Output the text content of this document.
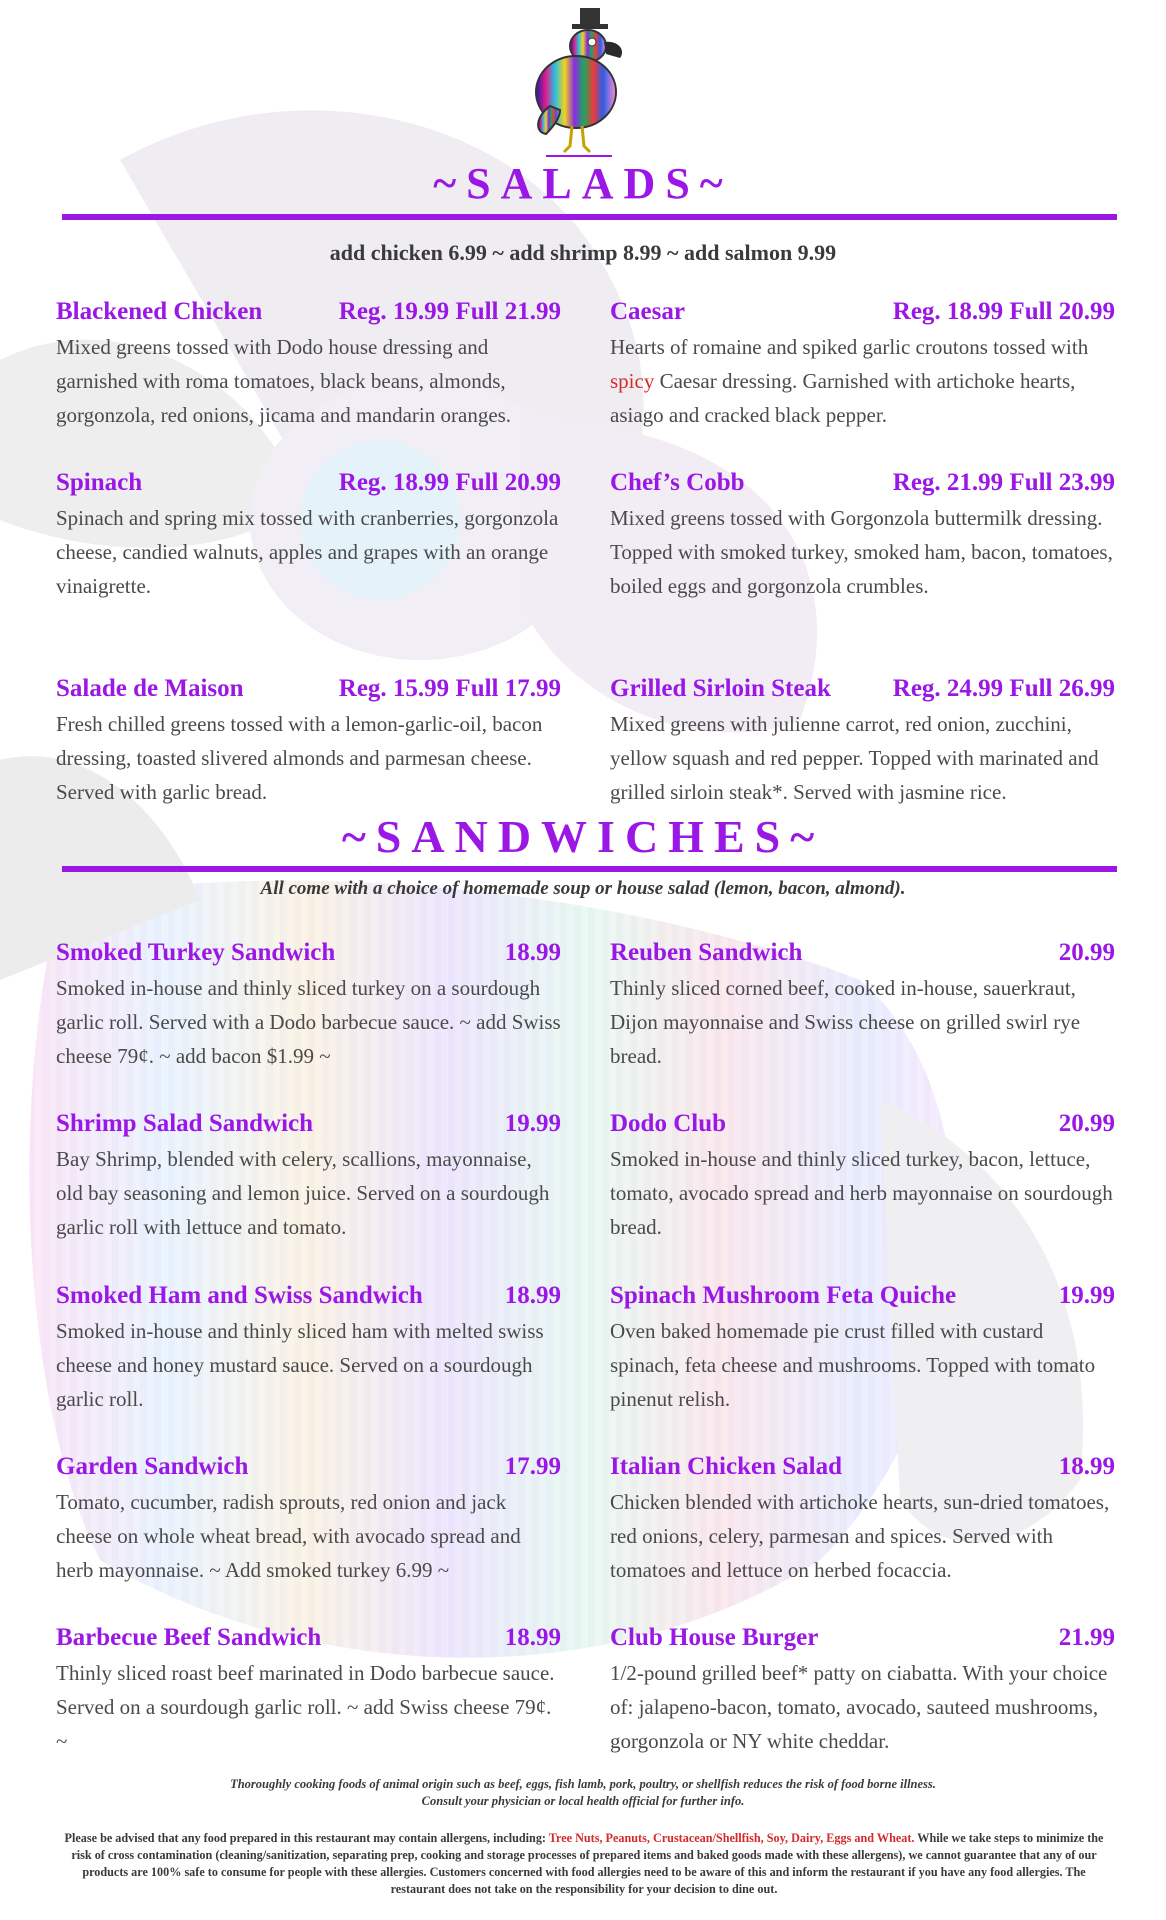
~SALADS~
add chicken 6.99 ~ add shrimp 8.99 ~ add salmon 9.99
Blackened Chicken	Reg. 19.99 Full 21.99
Mixed greens tossed with Dodo house dressing and garnished with roma tomatoes, black beans, almonds, gorgonzola, red onions, jicama and mandarin oranges.
Caesar	Reg. 18.99 Full 20.99
Hearts of romaine and spiked garlic croutons tossed with spicy Caesar dressing. Garnished with artichoke hearts, asiago and cracked black pepper.
Spinach	Reg. 18.99 Full 20.99
Spinach and spring mix tossed with cranberries, gorgonzola cheese, candied walnuts, apples and grapes with an orange vinaigrette.
Chef’s Cobb	Reg. 21.99 Full 23.99
Mixed greens tossed with Gorgonzola buttermilk dressing. Topped with smoked turkey, smoked ham, bacon, tomatoes, boiled eggs and gorgonzola crumbles.
Salade de Maison	Reg. 15.99 Full 17.99
Fresh chilled greens tossed with a lemon-garlic-oil, bacon dressing, toasted slivered almonds and parmesan cheese. Served with garlic bread.
Grilled Sirloin Steak Reg. 24.99 Full 26.99
Mixed greens with julienne carrot, red onion, zucchini, yellow squash and red pepper. Topped with marinated and grilled sirloin steak*. Served with jasmine rice.
~SANDWICHES~
All come with a choice of homemade soup or house salad (lemon, bacon, almond).
Smoked Turkey Sandwich	18.99
Smoked in-house and thinly sliced turkey on a sourdough garlic roll. Served with a Dodo barbecue sauce. ~ add Swiss cheese 79¢. ~ add bacon $1.99 ~
Reuben Sandwich	20.99
Thinly sliced corned beef, cooked in-house, sauerkraut, Dijon mayonnaise and Swiss cheese on grilled swirl rye bread.
Shrimp Salad Sandwich	19.99
Bay Shrimp, blended with celery, scallions, mayonnaise, old bay seasoning and lemon juice. Served on a sourdough garlic roll with lettuce and tomato.
Dodo Club	20.99
Smoked in-house and thinly sliced turkey, bacon, lettuce, tomato, avocado spread and herb mayonnaise on sourdough bread.
Smoked Ham and Swiss Sandwich	18.99
Smoked in-house and thinly sliced ham with melted swiss cheese and honey mustard sauce. Served on a sourdough garlic roll.
Spinach Mushroom Feta Quiche	19.99
Oven baked homemade pie crust filled with custard spinach, feta cheese and mushrooms. Topped with tomato pinenut relish.
Garden Sandwich	17.99
Tomato, cucumber, radish sprouts, red onion and jack cheese on whole wheat bread, with avocado spread and herb mayonnaise. ~ Add smoked turkey 6.99 ~
Italian Chicken Salad	18.99
Chicken blended with artichoke hearts, sun-dried tomatoes, red onions, celery, parmesan and spices. Served with tomatoes and lettuce on herbed focaccia.
Barbecue Beef Sandwich	18.99
Thinly sliced roast beef marinated in Dodo barbecue sauce. Served on a sourdough garlic roll. ~ add Swiss cheese 79¢. ~
Club House Burger	21.99
1/2-pound grilled beef* patty on ciabatta. With your choice of: jalapeno-bacon, tomato, avocado, sauteed mushrooms, gorgonzola or NY white cheddar.
Thoroughly cooking foods of animal origin such as beef, eggs, fish lamb, pork, poultry, or shellfish reduces the risk of food borne illness.
Consult your physician or local health official for further info.
Please be advised that any food prepared in this restaurant may contain allergens, including: Tree Nuts, Peanuts, Crustacean/Shellfish, Soy, Dairy, Eggs and Wheat. While we take steps to minimize the risk of cross contamination (cleaning/sanitization, separating prep, cooking and storage processes of prepared items and baked goods made with these allergens), we cannot guarantee that any of our products are 100% safe to consume for people with these allergies. Customers concerned with food allergies need to be aware of this and inform the restaurant if you have any food allergies. The restaurant does not take on the responsibility for your decision to dine out.
